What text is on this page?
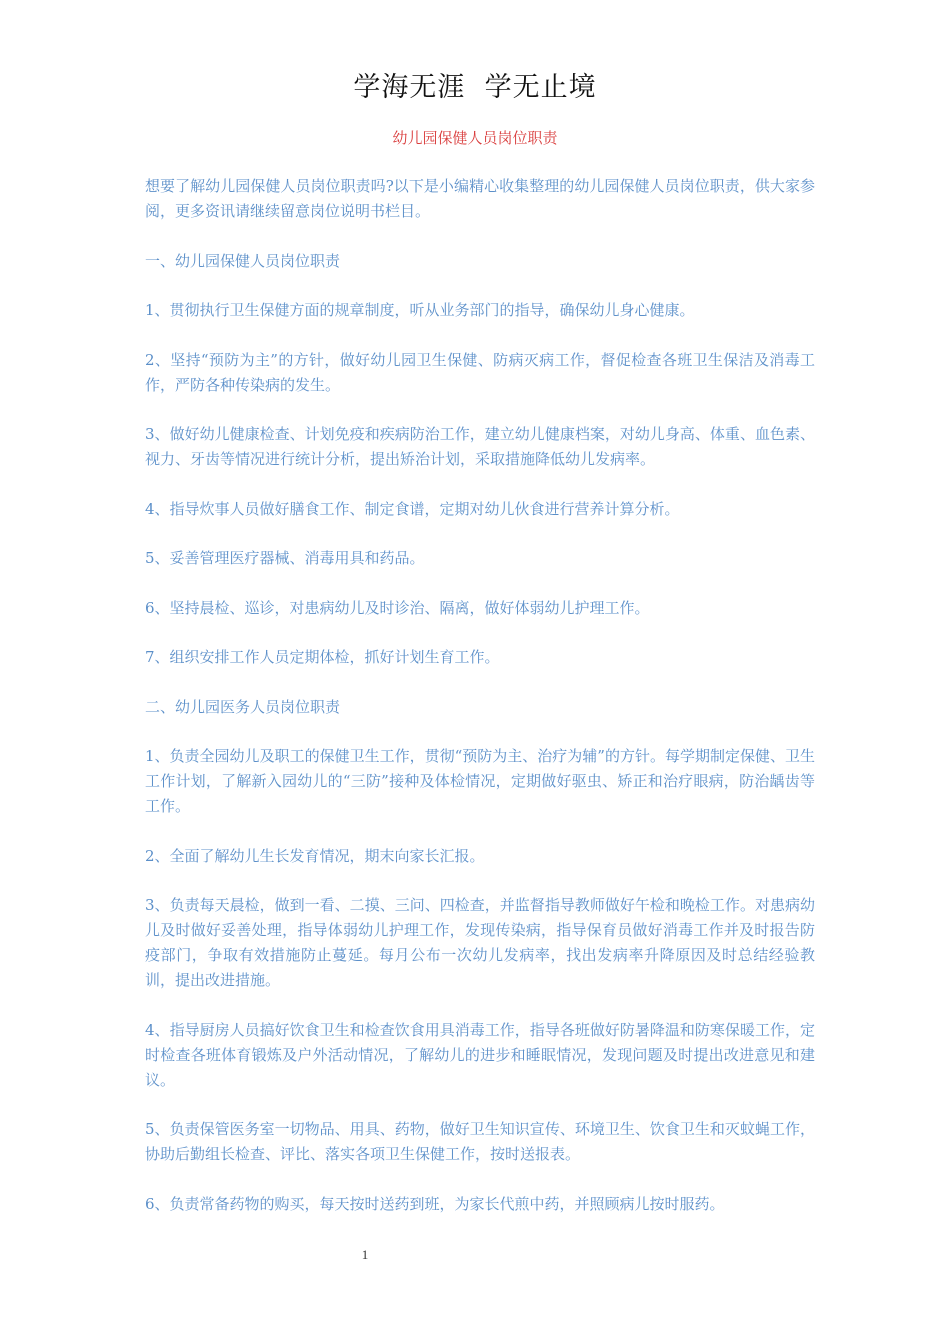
学海无涯  学无止境
幼儿园保健人员岗位职责

想要了解幼儿园保健人员岗位职责吗?以下是小编精心收集整理的幼儿园保健人员岗位职责，供大家参阅，更多资讯请继续留意岗位说明书栏目。

一、幼儿园保健人员岗位职责

1、贯彻执行卫生保健方面的规章制度，听从业务部门的指导，确保幼儿身心健康。

2、坚持“预防为主”的方针，做好幼儿园卫生保健、防病灭病工作，督促检查各班卫生保洁及消毒工作，严防各种传染病的发生。

3、做好幼儿健康检查、计划免疫和疾病防治工作，建立幼儿健康档案，对幼儿身高、体重、血色素、视力、牙齿等情况进行统计分析，提出矫治计划，采取措施降低幼儿发病率。

4、指导炊事人员做好膳食工作、制定食谱，定期对幼儿伙食进行营养计算分析。

5、妥善管理医疗器械、消毒用具和药品。

6、坚持晨检、巡诊，对患病幼儿及时诊治、隔离，做好体弱幼儿护理工作。

7、组织安排工作人员定期体检，抓好计划生育工作。

二、幼儿园医务人员岗位职责

1、负责全园幼儿及职工的保健卫生工作，贯彻“预防为主、治疗为辅”的方针。每学期制定保健、卫生工作计划，了解新入园幼儿的“三防”接种及体检情况，定期做好驱虫、矫正和治疗眼病，防治龋齿等工作。

2、全面了解幼儿生长发育情况，期末向家长汇报。

3、负责每天晨检，做到一看、二摸、三问、四检查，并监督指导教师做好午检和晚检工作。对患病幼儿及时做好妥善处理，指导体弱幼儿护理工作，发现传染病，指导保育员做好消毒工作并及时报告防疫部门，争取有效措施防止蔓延。每月公布一次幼儿发病率，找出发病率升降原因及时总结经验教训，提出改进措施。

4、指导厨房人员搞好饮食卫生和检查饮食用具消毒工作，指导各班做好防暑降温和防寒保暖工作，定时检查各班体育锻炼及户外活动情况，了解幼儿的进步和睡眠情况，发现问题及时提出改进意见和建议。

5、负责保管医务室一切物品、用具、药物，做好卫生知识宣传、环境卫生、饮食卫生和灭蚊蝇工作，协助后勤组长检查、评比、落实各项卫生保健工作，按时送报表。

6、负责常备药物的购买，每天按时送药到班，为家长代煎中药，并照顾病儿按时服药。

1
